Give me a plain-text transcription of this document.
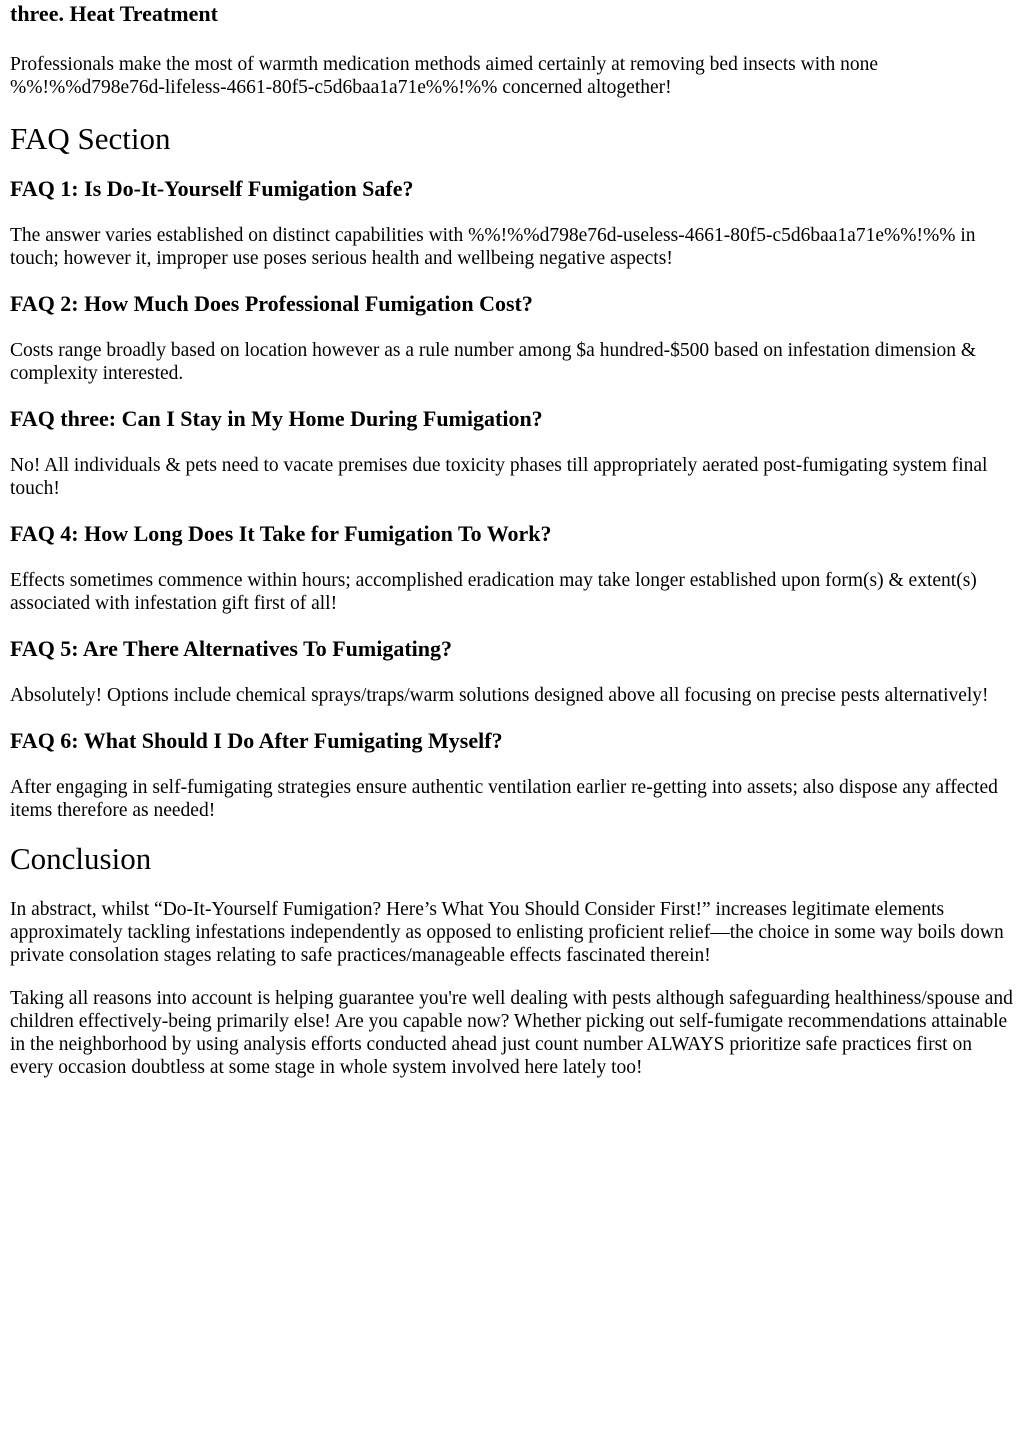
three. Heat Treatment

Professionals make the most of warmth medication methods aimed certainly at removing bed insects with none %%!%%d798e76d-lifeless-4661-80f5-c5d6baa1a71e%%!%% concerned altogether!

FAQ Section
FAQ 1: Is Do-It-Yourself Fumigation Safe?

The answer varies established on distinct capabilities with %%!%%d798e76d-useless-4661-80f5-c5d6baa1a71e%%!%% in touch; however it, improper use poses serious health and wellbeing negative aspects!

FAQ 2: How Much Does Professional Fumigation Cost?

Costs range broadly based on location however as a rule number among $a hundred-$500 based on infestation dimension & complexity interested.

FAQ three: Can I Stay in My Home During Fumigation?

No! All individuals & pets need to vacate premises due toxicity phases till appropriately aerated post-fumigating system final touch!

FAQ 4: How Long Does It Take for Fumigation To Work?

Effects sometimes commence within hours; accomplished eradication may take longer established upon form(s) & extent(s) associated with infestation gift first of all!

FAQ 5: Are There Alternatives To Fumigating?

Absolutely! Options include chemical sprays/traps/warm solutions designed above all focusing on precise pests alternatively!

FAQ 6: What Should I Do After Fumigating Myself?

After engaging in self-fumigating strategies ensure authentic ventilation earlier re-getting into assets; also dispose any affected items therefore as needed!

Conclusion

In abstract, whilst “Do-It-Yourself Fumigation? Here’s What You Should Consider First!” increases legitimate elements approximately tackling infestations independently as opposed to enlisting proficient relief—the choice in some way boils down private consolation stages relating to safe practices/manageable effects fascinated therein!

Taking all reasons into account is helping guarantee you're well dealing with pests although safeguarding healthiness/spouse and children effectively-being primarily else! Are you capable now? Whether picking out self-fumigate recommendations attainable in the neighborhood by using analysis efforts conducted ahead just count number ALWAYS prioritize safe practices first on every occasion doubtless at some stage in whole system involved here lately too!
